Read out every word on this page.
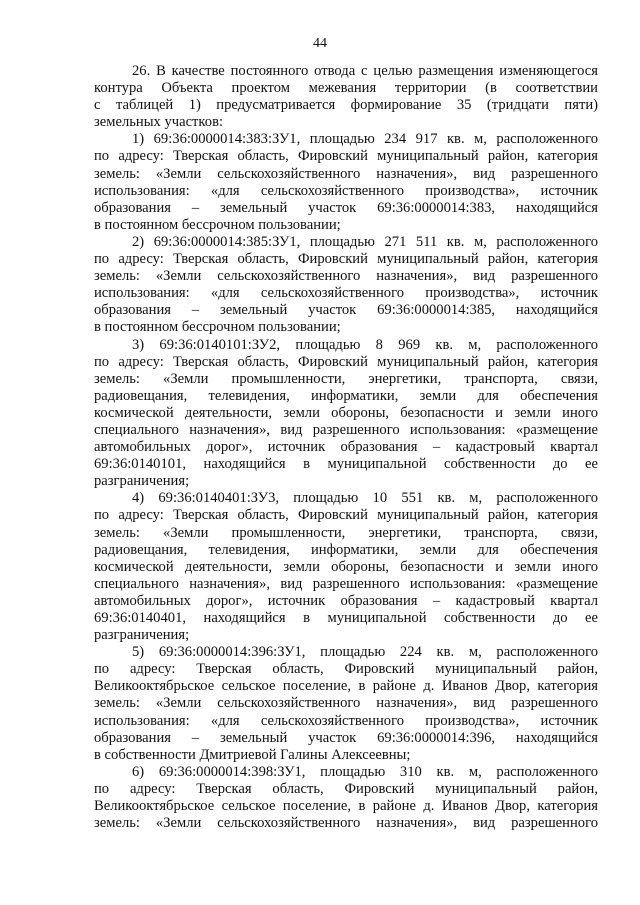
44
26. В качестве постоянного отвода с целью размещения изменяющегося
контура Объекта проектом межевания территории (в соответствии
с таблицей 1) предусматривается формирование 35 (тридцати пяти)
земельных участков:
1) 69:36:0000014:383:ЗУ1, площадью 234 917 кв. м, расположенного
по адресу: Тверская область, Фировский муниципальный район, категория
земель: «Земли сельскохозяйственного назначения», вид разрешенного
использования: «для сельскохозяйственного производства», источник
образования – земельный участок 69:36:0000014:383, находящийся
в постоянном бессрочном пользовании;
2) 69:36:0000014:385:ЗУ1, площадью 271 511 кв. м, расположенного
по адресу: Тверская область, Фировский муниципальный район, категория
земель: «Земли сельскохозяйственного назначения», вид разрешенного
использования: «для сельскохозяйственного производства», источник
образования – земельный участок 69:36:0000014:385, находящийся
в постоянном бессрочном пользовании;
3) 69:36:0140101:ЗУ2, площадью 8 969 кв. м, расположенного
по адресу: Тверская область, Фировский муниципальный район, категория
земель: «Земли промышленности, энергетики, транспорта, связи,
радиовещания, телевидения, информатики, земли для обеспечения
космической деятельности, земли обороны, безопасности и земли иного
специального назначения», вид разрешенного использования: «размещение
автомобильных дорог», источник образования – кадастровый квартал
69:36:0140101, находящийся в муниципальной собственности до ее
разграничения;
4) 69:36:0140401:ЗУ3, площадью 10 551 кв. м, расположенного
по адресу: Тверская область, Фировский муниципальный район, категория
земель: «Земли промышленности, энергетики, транспорта, связи,
радиовещания, телевидения, информатики, земли для обеспечения
космической деятельности, земли обороны, безопасности и земли иного
специального назначения», вид разрешенного использования: «размещение
автомобильных дорог», источник образования – кадастровый квартал
69:36:0140401, находящийся в муниципальной собственности до ее
разграничения;
5) 69:36:0000014:396:ЗУ1, площадью 224 кв. м, расположенного
по адресу: Тверская область, Фировский муниципальный район,
Великооктябрьское сельское поселение, в районе д. Иванов Двор, категория
земель: «Земли сельскохозяйственного назначения», вид разрешенного
использования: «для сельскохозяйственного производства», источник
образования – земельный участок 69:36:0000014:396, находящийся
в собственности Дмитриевой Галины Алексеевны;
6) 69:36:0000014:398:ЗУ1, площадью 310 кв. м, расположенного
по адресу: Тверская область, Фировский муниципальный район,
Великооктябрьское сельское поселение, в районе д. Иванов Двор, категория
земель: «Земли сельскохозяйственного назначения», вид разрешенного
